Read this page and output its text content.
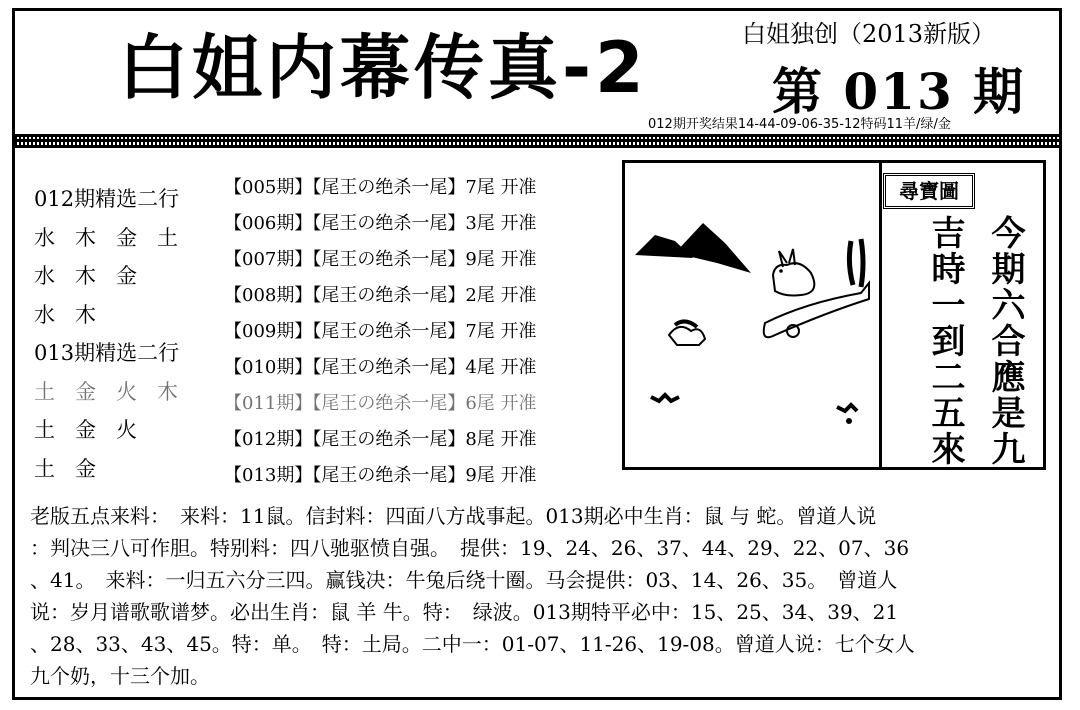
白姐内幕传真-2	白姐独创（2013新版）
第 013 期
012期开奖结果14-44-09-06-35-12特码11羊/绿/金
012期精选二行
水木金土
水木金
水木
013期精选二行
土金火木
土金火
土金
【005期】【尾王の绝杀一尾】7尾 开准
【006期】【尾王の绝杀一尾】3尾 开准
【007期】【尾王の绝杀一尾】9尾 开准
【008期】【尾王の绝杀一尾】2尾 开准
【009期】【尾王の绝杀一尾】7尾 开准
【010期】【尾王の绝杀一尾】4尾 开准
【011期】【尾王の绝杀一尾】6尾 开准
【012期】【尾王の绝杀一尾】8尾 开准
【013期】【尾王の绝杀一尾】9尾 开准
尋寶圖
今期六合應是九
吉時一到二五來
老版五点来料：　来料：11鼠。信封料：四面八方战事起。013期必中生肖：鼠 与 蛇。曾道人说
：判决三八可作胆。特别料：四八驰驱愤自强。　提供：19、24、26、37、44、29、22、07、36
、41。　来料：一归五六分三四。赢钱决：牛兔后绕十圈。马会提供：03、14、26、35。　曾道人
说：岁月谱歌歌谱梦。必出生肖：鼠 羊 牛。特：　绿波。013期特平必中：15、25、34、39、21
、28、33、43、45。特：单。　特：土局。二中一：01-07、11-26、19-08。曾道人说：七个女人
九个奶，十三个加。
